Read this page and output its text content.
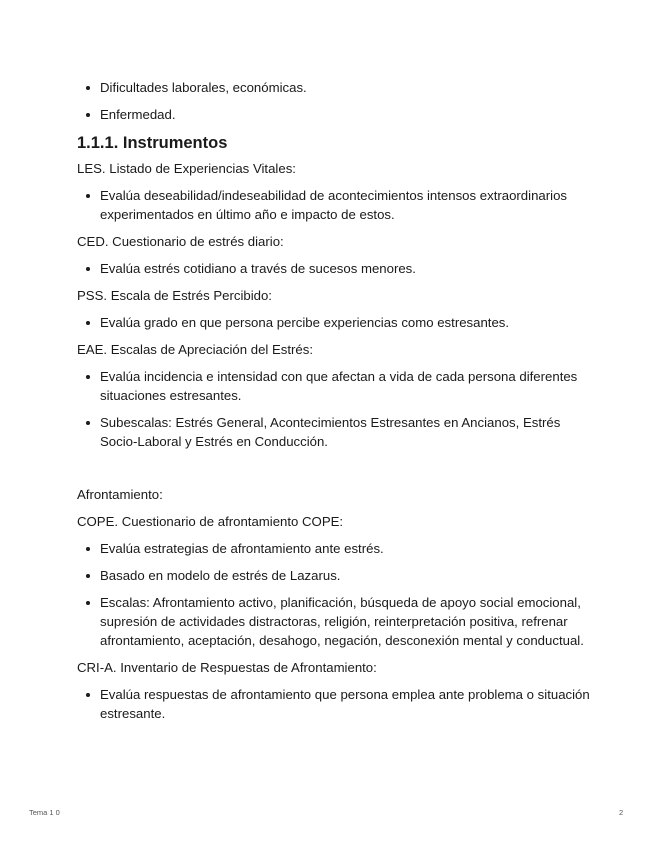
Dificultades laborales, económicas.
Enfermedad.
1.1.1. Instrumentos

LES. Listado de Experiencias Vitales:

Evalúa deseabilidad/indeseabilidad de acontecimientos intensos extraordinarios experimentados en último año e impacto de estos.

CED. Cuestionario de estrés diario:

Evalúa estrés cotidiano a través de sucesos menores.

PSS. Escala de Estrés Percibido:

Evalúa grado en que persona percibe experiencias como estresantes.

EAE. Escalas de Apreciación del Estrés:

Evalúa incidencia e intensidad con que afectan a vida de cada persona diferentes situaciones estresantes.
Subescalas: Estrés General, Acontecimientos Estresantes en Ancianos, Estrés Socio-Laboral y Estrés en Conducción.

Afrontamiento:

COPE. Cuestionario de afrontamiento COPE:

Evalúa estrategias de afrontamiento ante estrés.
Basado en modelo de estrés de Lazarus.
Escalas: Afrontamiento activo, planificación, búsqueda de apoyo social emocional, supresión de actividades distractoras, religión, reinterpretación positiva, refrenar afrontamiento, aceptación, desahogo, negación, desconexión mental y conductual.

CRI-A. Inventario de Respuestas de Afrontamiento:

Evalúa respuestas de afrontamiento que persona emplea ante problema o situación estresante.
Tema 1 0	2
